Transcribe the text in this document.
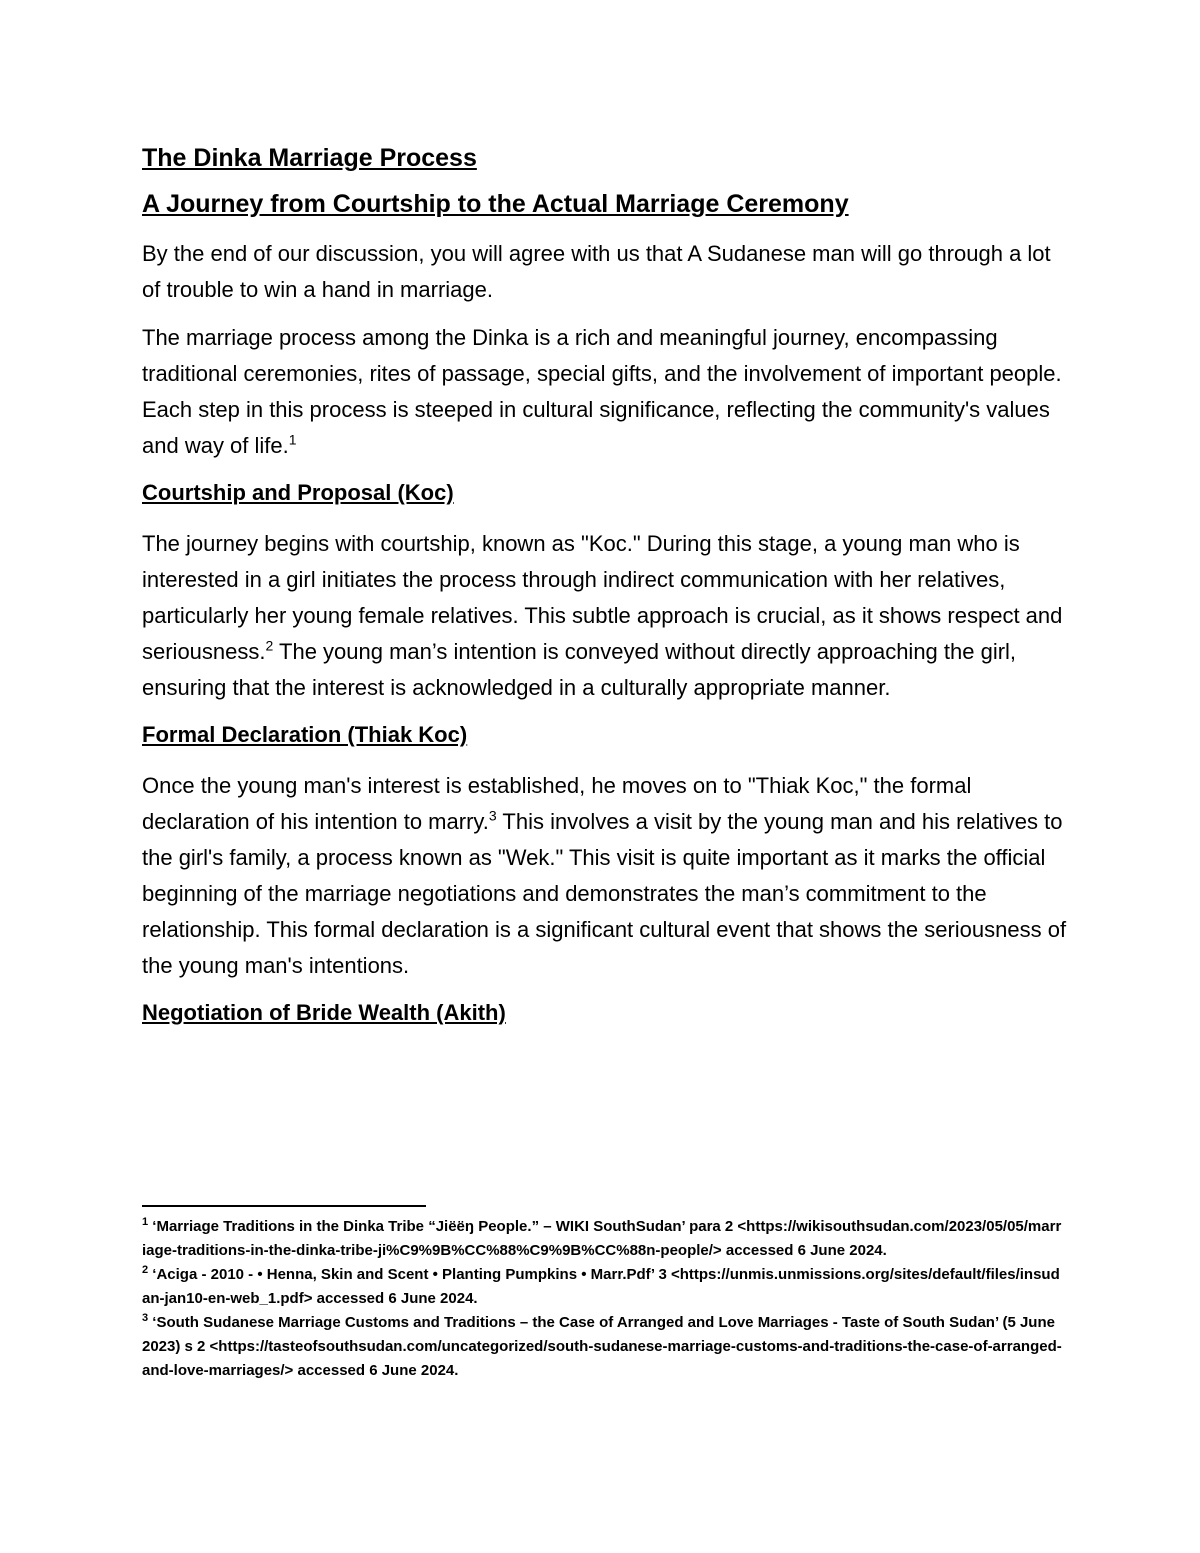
The Dinka Marriage Process
A Journey from Courtship to the Actual Marriage Ceremony

By the end of our discussion, you will agree with us that A Sudanese man will go through a lot of trouble to win a hand in marriage.

The marriage process among the Dinka is a rich and meaningful journey, encompassing traditional ceremonies, rites of passage, special gifts, and the involvement of important people. Each step in this process is steeped in cultural significance, reflecting the community's values and way of life.$^1$

Courtship and Proposal (Koc)

The journey begins with courtship, known as "Koc." During this stage, a young man who is interested in a girl initiates the process through indirect communication with her relatives, particularly her young female relatives. This subtle approach is crucial, as it shows respect and seriousness.$^2$ The young man’s intention is conveyed without directly approaching the girl, ensuring that the interest is acknowledged in a culturally appropriate manner.

Formal Declaration (Thiak Koc)

Once the young man's interest is established, he moves on to "Thiak Koc," the formal declaration of his intention to marry.$^3$ This involves a visit by the young man and his relatives to the girl's family, a process known as "Wek." This visit is quite important as it marks the official beginning of the marriage negotiations and demonstrates the man’s commitment to the relationship. This formal declaration is a significant cultural event that shows the seriousness of the young man's intentions.

Negotiation of Bride Wealth (Akith)

$^1$ ‘Marriage Traditions in the Dinka Tribe “Jiëëŋ People.” – WIKI SouthSudan’ para 2 <https://wikisouthsudan.com/2023/05/05/marriage-traditions-in-the-dinka-tribe-ji%C9%9B%CC%88%C9%9B%CC%88n-people/> accessed 6 June 2024.

$^2$ ‘Aciga - 2010 - • Henna, Skin and Scent • Planting Pumpkins • Marr.Pdf’ 3 <https://unmis.unmissions.org/sites/default/files/insudan-jan10-en-web_1.pdf> accessed 6 June 2024.

$^3$ ‘South Sudanese Marriage Customs and Traditions – the Case of Arranged and Love Marriages - Taste of South Sudan’ (5 June 2023) s 2 <https://tasteofsouthsudan.com/uncategorized/south-sudanese-marriage-customs-and-traditions-the-case-of-arranged-and-love-marriages/> accessed 6 June 2024.
